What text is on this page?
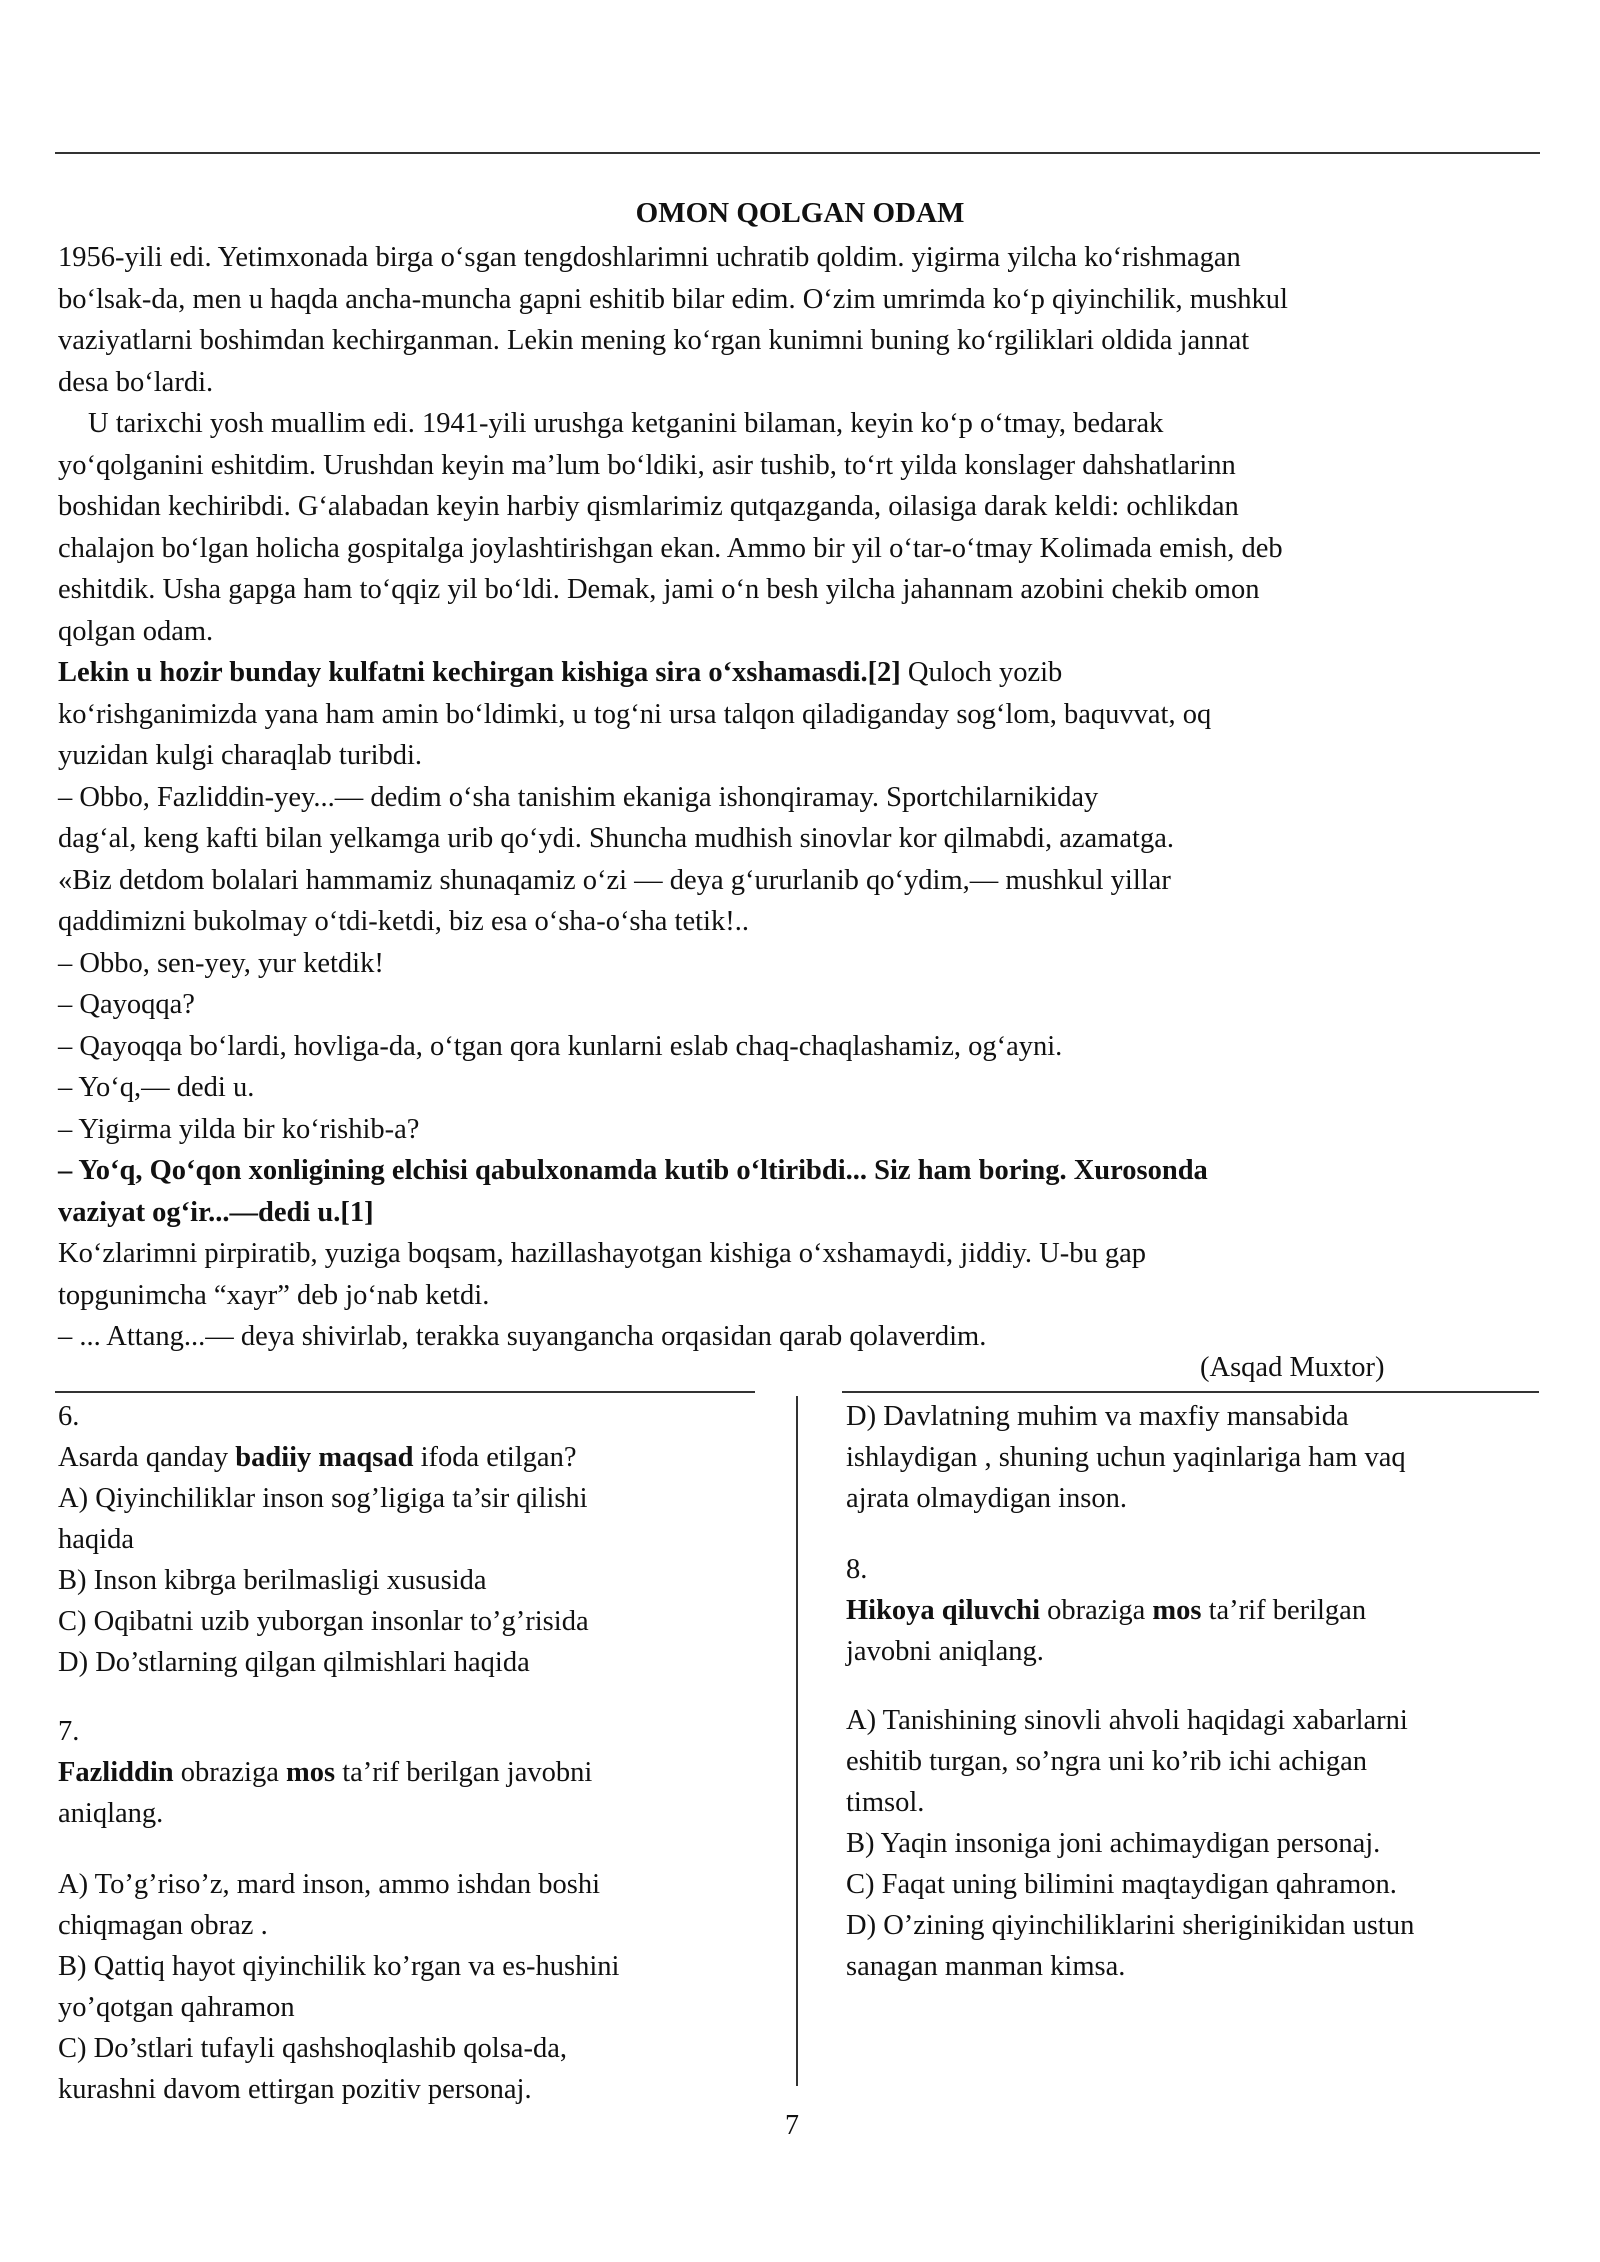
OMON QOLGAN ODAM
1956-yili edi. Yetimxonada birga o‘sgan tengdoshlarimni uchratib qoldim. yigirma yilcha ko‘rishmagan
bo‘lsak-da, men u haqda ancha-muncha gapni eshitib bilar edim. O‘zim umrimda ko‘p qiyinchilik, mushkul
vaziyatlarni boshimdan kechirganman. Lekin mening ko‘rgan kunimni buning ko‘rgiliklari oldida jannat
desa bo‘lardi.
U tarixchi yosh muallim edi. 1941-yili urushga ketganini bilaman, keyin ko‘p o‘tmay, bedarak
yo‘qolganini eshitdim. Urushdan keyin ma’lum bo‘ldiki, asir tushib, to‘rt yilda konslager dahshatlarinn
boshidan kechiribdi. G‘alabadan keyin harbiy qismlarimiz qutqazganda, oilasiga darak keldi: ochlikdan
chalajon bo‘lgan holicha gospitalga joylashtirishgan ekan. Ammo bir yil o‘tar-o‘tmay Kolimada emish, deb
eshitdik. Usha gapga ham to‘qqiz yil bo‘ldi. Demak, jami o‘n besh yilcha jahannam azobini chekib omon
qolgan odam.
Lekin u hozir bunday kulfatni kechirgan kishiga sira o‘xshamasdi.[2] Quloch yozib
ko‘rishganimizda yana ham amin bo‘ldimki, u tog‘ni ursa talqon qiladiganday sog‘lom, baquvvat, oq
yuzidan kulgi charaqlab turibdi.
– Obbo, Fazliddin-yey...— dedim o‘sha tanishim ekaniga ishonqiramay. Sportchilarnikiday
dag‘al, keng kafti bilan yelkamga urib qo‘ydi. Shuncha mudhish sinovlar kor qilmabdi, azamatga.
«Biz detdom bolalari hammamiz shunaqamiz o‘zi — deya g‘ururlanib qo‘ydim,— mushkul yillar
qaddimizni bukolmay o‘tdi-ketdi, biz esa o‘sha-o‘sha tetik!..
– Obbo, sen-yey, yur ketdik!
– Qayoqqa?
– Qayoqqa bo‘lardi, hovliga-da, o‘tgan qora kunlarni eslab chaq-chaqlashamiz, og‘ayni.
– Yo‘q,— dedi u.
– Yigirma yilda bir ko‘rishib-a?
– Yo‘q, Qo‘qon xonligining elchisi qabulxonamda kutib o‘ltiribdi... Siz ham boring. Xurosonda
vaziyat og‘ir...—dedi u.[1]
Ko‘zlarimni pirpiratib, yuziga boqsam, hazillashayotgan kishiga o‘xshamaydi, jiddiy. U-bu gap
topgunimcha “xayr” deb jo‘nab ketdi.
– ... Attang...— deya shivirlab, terakka suyangancha orqasidan qarab qolaverdim.
(Asqad Muxtor)
6.
Asarda qanday badiiy maqsad ifoda etilgan?
A) Qiyinchiliklar inson sog’ligiga ta’sir qilishi
haqida
B) Inson kibrga berilmasligi xususida
C) Oqibatni uzib yuborgan insonlar to’g’risida
D) Do’stlarning qilgan qilmishlari haqida
7.
Fazliddin obraziga mos ta’rif berilgan javobni
aniqlang.
A) To’g’riso’z, mard inson, ammo ishdan boshi
chiqmagan obraz .
B) Qattiq hayot qiyinchilik ko’rgan va es-hushini
yo’qotgan qahramon
C) Do’stlari tufayli qashshoqlashib qolsa-da,
kurashni davom ettirgan pozitiv personaj.
D) Davlatning muhim va maxfiy mansabida
ishlaydigan , shuning uchun yaqinlariga ham vaq
ajrata olmaydigan inson.
8.
Hikoya qiluvchi obraziga mos ta’rif berilgan
javobni aniqlang.
A) Tanishining sinovli ahvoli haqidagi xabarlarni
eshitib turgan, so’ngra uni ko’rib ichi achigan
timsol.
B) Yaqin insoniga joni achimaydigan personaj.
C) Faqat uning bilimini maqtaydigan qahramon.
D) O’zining qiyinchiliklarini sheriginikidan ustun
sanagan manman kimsa.
7
